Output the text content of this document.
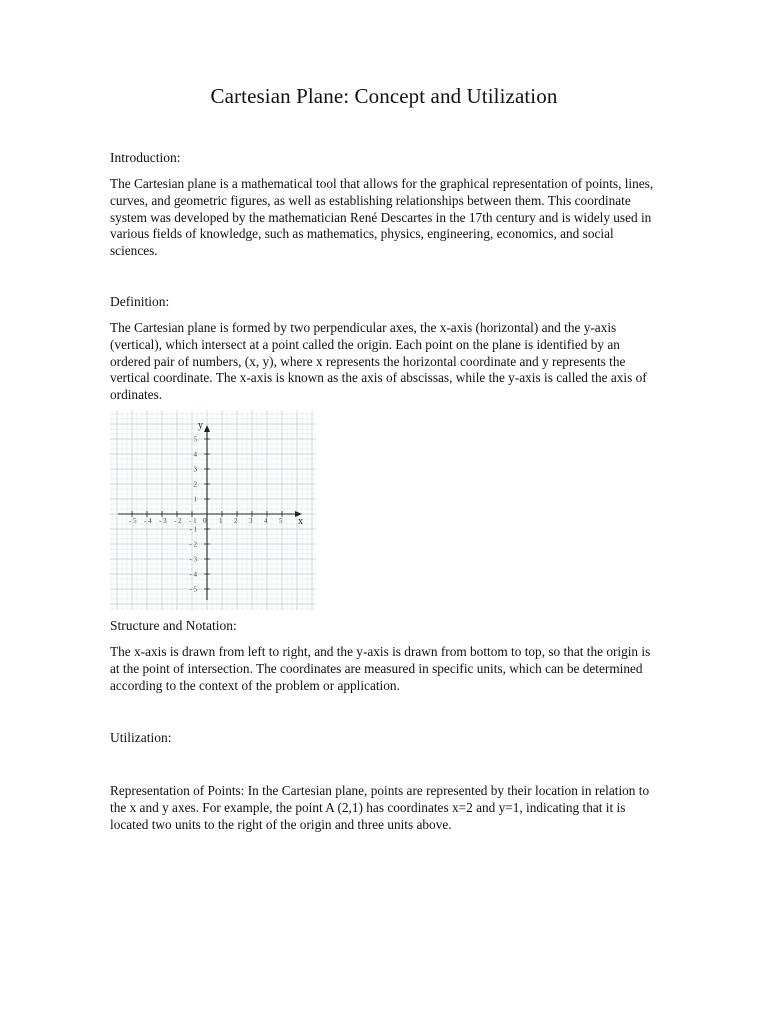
Cartesian Plane: Concept and Utilization

Introduction:

The Cartesian plane is a mathematical tool that allows for the graphical representation of points, lines, curves, and geometric figures, as well as establishing relationships between them. This coordinate system was developed by the mathematician René Descartes in the 17th century and is widely used in various fields of knowledge, such as mathematics, physics, engineering, economics, and social sciences.

Definition:

The Cartesian plane is formed by two perpendicular axes, the x-axis (horizontal) and the y-axis (vertical), which intersect at a point called the origin. Each point on the plane is identified by an ordered pair of numbers, (x, y), where x represents the horizontal coordinate and y represents the vertical coordinate. The x-axis is known as the axis of abscissas, while the y-axis is called the axis of ordinates.

x
y
- 5 - 4 - 3 - 2 - 1 0 1 2 3 4 5
5
4
3
2
1
- 1
- 2
- 3
- 4
- 5

Structure and Notation:

The x-axis is drawn from left to right, and the y-axis is drawn from bottom to top, so that the origin is at the point of intersection. The coordinates are measured in specific units, which can be determined according to the context of the problem or application.

Utilization:

Representation of Points: In the Cartesian plane, points are represented by their location in relation to the x and y axes. For example, the point A (2,1) has coordinates x=2 and y=1, indicating that it is located two units to the right of the origin and three units above.
